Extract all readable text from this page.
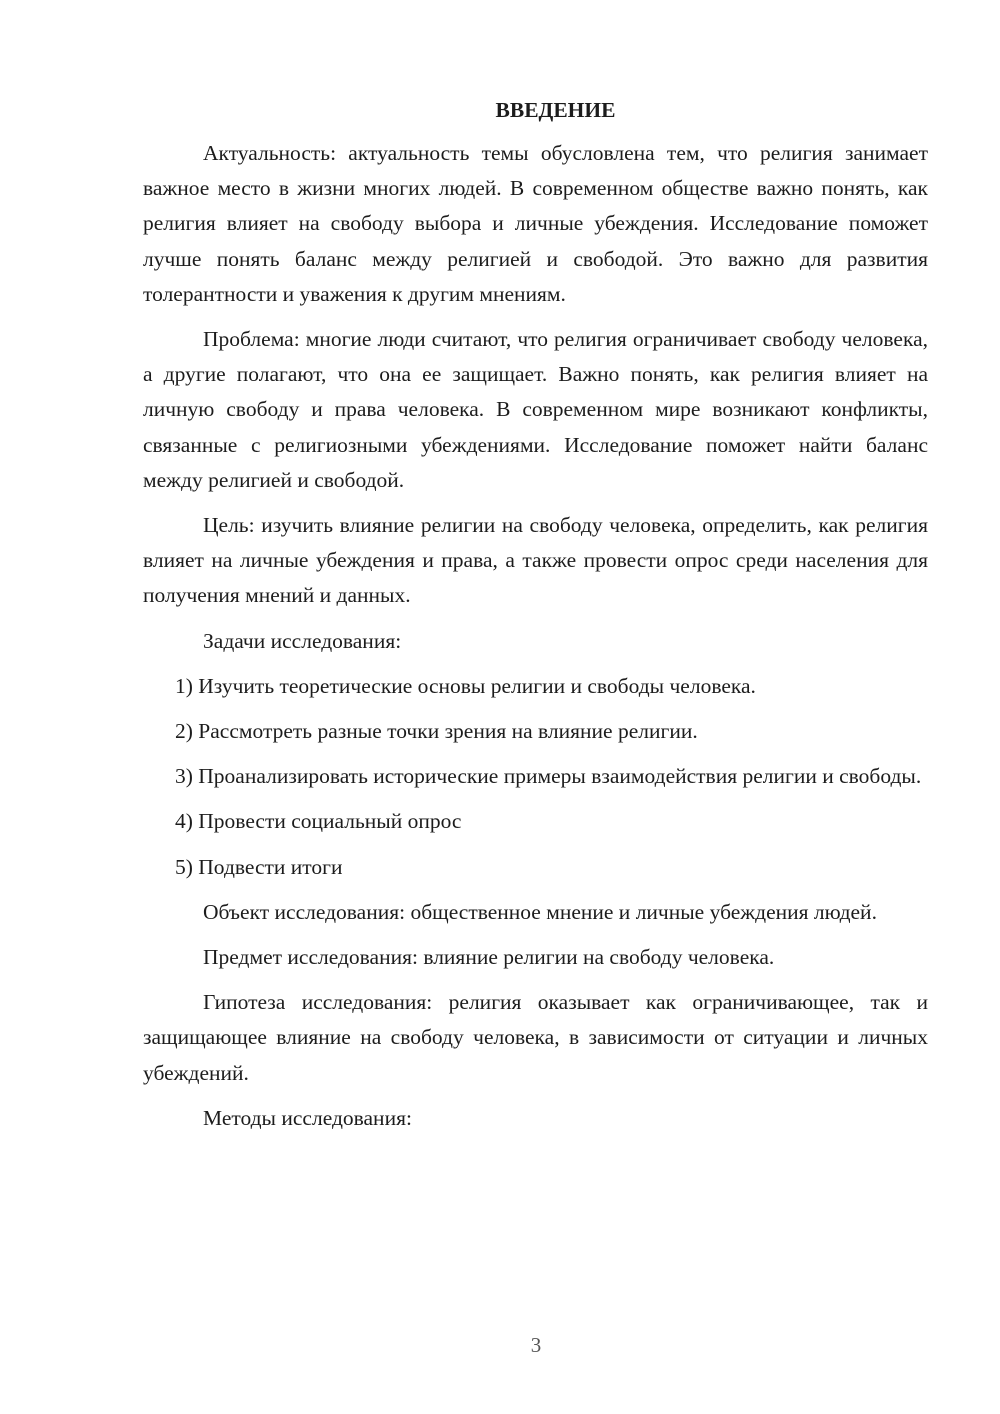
ВВЕДЕНИЕ

Актуальность: актуальность темы обусловлена тем, что религия занимает важное место в жизни многих людей. В современном обществе важно понять, как религия влияет на свободу выбора и личные убеждения. Исследование поможет лучше понять баланс между религией и свободой. Это важно для развития толерантности и уважения к другим мнениям.

Проблема: многие люди считают, что религия ограничивает свободу человека, а другие полагают, что она ее защищает. Важно понять, как религия влияет на личную свободу и права человека. В современном мире возникают конфликты, связанные с религиозными убеждениями. Исследование поможет найти баланс между религией и свободой.

Цель: изучить влияние религии на свободу человека, определить, как религия влияет на личные убеждения и права, а также провести опрос среди населения для получения мнений и данных.

Задачи исследования:

1) Изучить теоретические основы религии и свободы человека.

2) Рассмотреть разные точки зрения на влияние религии.

3) Проанализировать исторические примеры взаимодействия религии и свободы.

4) Провести социальный опрос

5) Подвести итоги

Объект исследования: общественное мнение и личные убеждения людей.

Предмет исследования: влияние религии на свободу человека.

Гипотеза исследования: религия оказывает как ограничивающее, так и защищающее влияние на свободу человека, в зависимости от ситуации и личных убеждений.

Методы исследования:

3
